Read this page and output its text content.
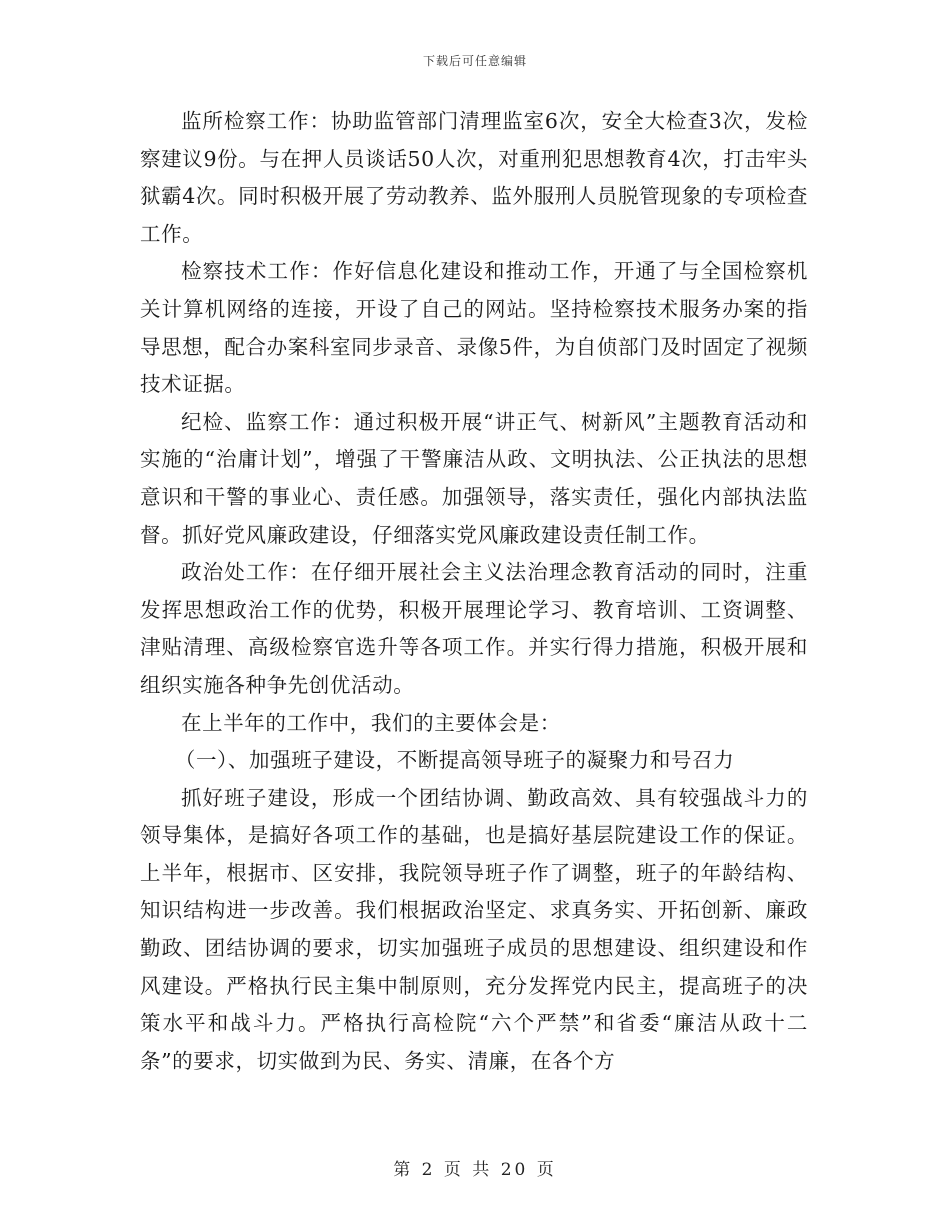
下载后可任意编辑

监所检察工作：协助监管部门清理监室6次，安全大检查3次，发检察建议9份。与在押人员谈话50人次，对重刑犯思想教育4次，打击牢头狱霸4次。同时积极开展了劳动教养、监外服刑人员脱管现象的专项检查工作。

检察技术工作：作好信息化建设和推动工作，开通了与全国检察机关计算机网络的连接，开设了自己的网站。坚持检察技术服务办案的指导思想，配合办案科室同步录音、录像5件，为自侦部门及时固定了视频技术证据。

纪检、监察工作：通过积极开展“讲正气、树新风”主题教育活动和实施的“治庸计划”，增强了干警廉洁从政、文明执法、公正执法的思想意识和干警的事业心、责任感。加强领导，落实责任，强化内部执法监督。抓好党风廉政建设，仔细落实党风廉政建设责任制工作。

政治处工作：在仔细开展社会主义法治理念教育活动的同时，注重发挥思想政治工作的优势，积极开展理论学习、教育培训、工资调整、津贴清理、高级检察官选升等各项工作。并实行得力措施，积极开展和组织实施各种争先创优活动。

在上半年的工作中，我们的主要体会是：

（一）、加强班子建设，不断提高领导班子的凝聚力和号召力

抓好班子建设，形成一个团结协调、勤政高效、具有较强战斗力的领导集体，是搞好各项工作的基础，也是搞好基层院建设工作的保证。上半年，根据市、区安排，我院领导班子作了调整，班子的年龄结构、知识结构进一步改善。我们根据政治坚定、求真务实、开拓创新、廉政勤政、团结协调的要求，切实加强班子成员的思想建设、组织建设和作风建设。严格执行民主集中制原则，充分发挥党内民主，提高班子的决策水平和战斗力。严格执行高检院“六个严禁”和省委“廉洁从政十二条”的要求，切实做到为民、务实、清廉，在各个方

第 2 页 共 20 页
